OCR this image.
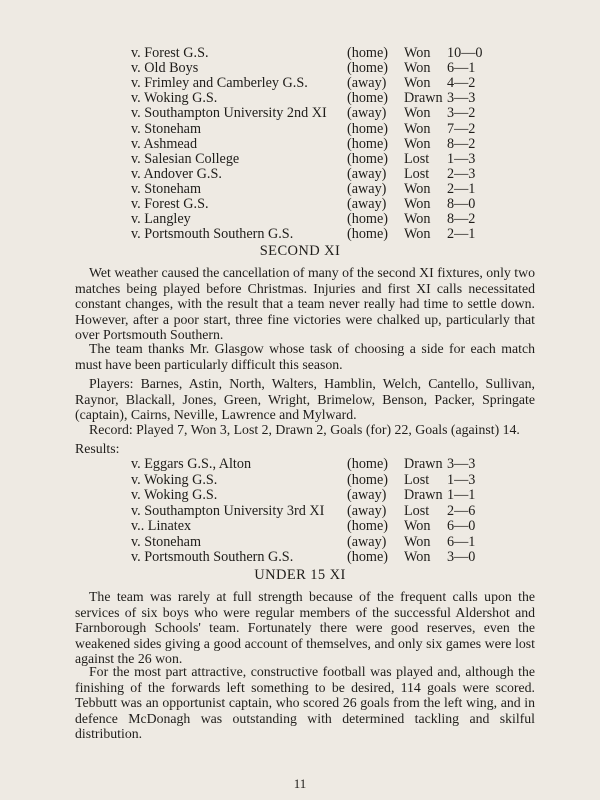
v. Forest G.S.	(home) Won 10—0
v. Old Boys	(home) Won 6—1
v. Frimley and Camberley G.S.	(away) Won 4—2
v. Woking G.S.	(home) Drawn 3—3
v. Southampton University 2nd XI (away) Won 3—2
v. Stoneham	(home) Won 7—2
v. Ashmead	(home) Won 8—2
v. Salesian College	(home) Lost 1—3
v. Andover G.S.	(away) Lost 2—3
v. Stoneham	(away) Won 2—1
v. Forest G.S.	(away) Won 8—0
v. Langley	(home) Won 8—2
v. Portsmouth Southern G.S.	(home) Won 2—1
SECOND XI
Wet weather caused the cancellation of many of the second XI fixtures, only two matches being played before Christmas. Injuries and first XI calls necessitated constant changes, with the result that a team never really had time to settle down. However, after a poor start, three fine victories were chalked up, particularly that over Portsmouth Southern.
The team thanks Mr. Glasgow whose task of choosing a side for each match must have been particularly difficult this season.
Players: Barnes, Astin, North, Walters, Hamblin, Welch, Cantello, Sullivan, Raynor, Blackall, Jones, Green, Wright, Brimelow, Benson, Packer, Springate (captain), Cairns, Neville, Lawrence and Mylward.
Record: Played 7, Won 3, Lost 2, Drawn 2, Goals (for) 22, Goals (against) 14.
Results:
v. Eggars G.S., Alton	(home) Drawn 3—3
v. Woking G.S.	(home) Lost 1—3
v. Woking G.S.	(away) Drawn 1—1
v. Southampton University 3rd XI (away) Lost 2—6
v.. Linatex	(home) Won 6—0
v. Stoneham	(away) Won 6—1
v. Portsmouth Southern G.S.	(home) Won 3—0
UNDER 15 XI
The team was rarely at full strength because of the frequent calls upon the services of six boys who were regular members of the successful Aldershot and Farnborough Schools' team. Fortunately there were good reserves, even the weakened sides giving a good account of themselves, and only six games were lost against the 26 won.
For the most part attractive, constructive football was played and, although the finishing of the forwards left something to be desired, 114 goals were scored. Tebbutt was an opportunist captain, who scored 26 goals from the left wing, and in defence McDonagh was outstanding with determined tackling and skilful distribution.
11
